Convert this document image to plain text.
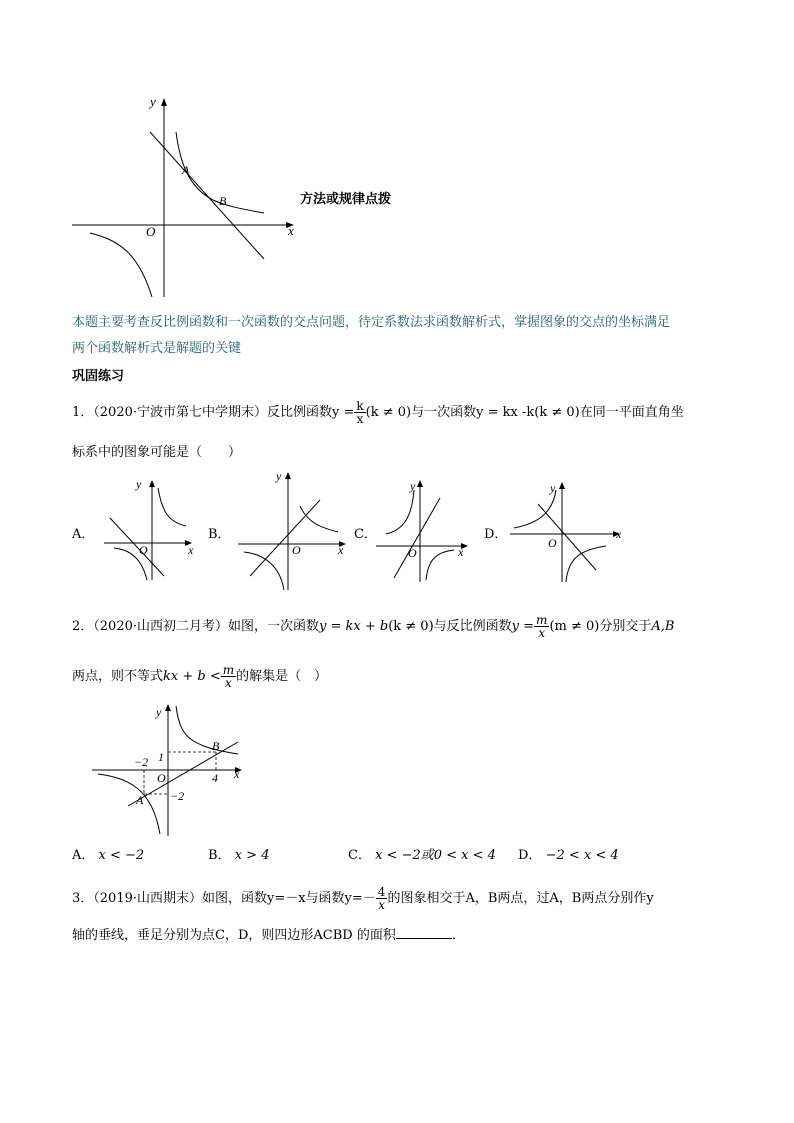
y
x
O
A
B	方法或规律点拨
本题主要考查反比例函数和一次函数的交点问题，待定系数法求函数解析式，掌握图象的交点的坐标满足
两个函数解析式是解题的关键
巩固练习
1．（2020·宁波市第七中学期末）反比例函数$y = \frac{k}{x} (k \ne 0)$与一次函数y = kx -k(k ≠ 0)在同一平面直角坐
标系中的图象可能是（　　）
A．
y
x
O
B．
y
x
O
C．
y
x
O
D．
y
x
O
2．（2020·山西初二月考）如图，一次函数y = kx + b(k ≠ 0)与反比例函数$y = \frac{m}{x} (m \ne 0)$分别交于A,B
两点，则不等式kx + $b < \frac{m}{x}$ 的解集是（　）
y
x
O
A
B
−2 1
4
−2
A． x < −2	B． x > 4	C． x < −2或0 < x < 4 D． −2 < x < 4
3．（2019·山西期末）如图，函数y=－x与函数$y=- \frac{4}{x}$ 的图象相交于A，B两点，过A，B两点分别作y
轴的垂线，垂足分别为点C，D，则四边形ACBD 的面积	．
